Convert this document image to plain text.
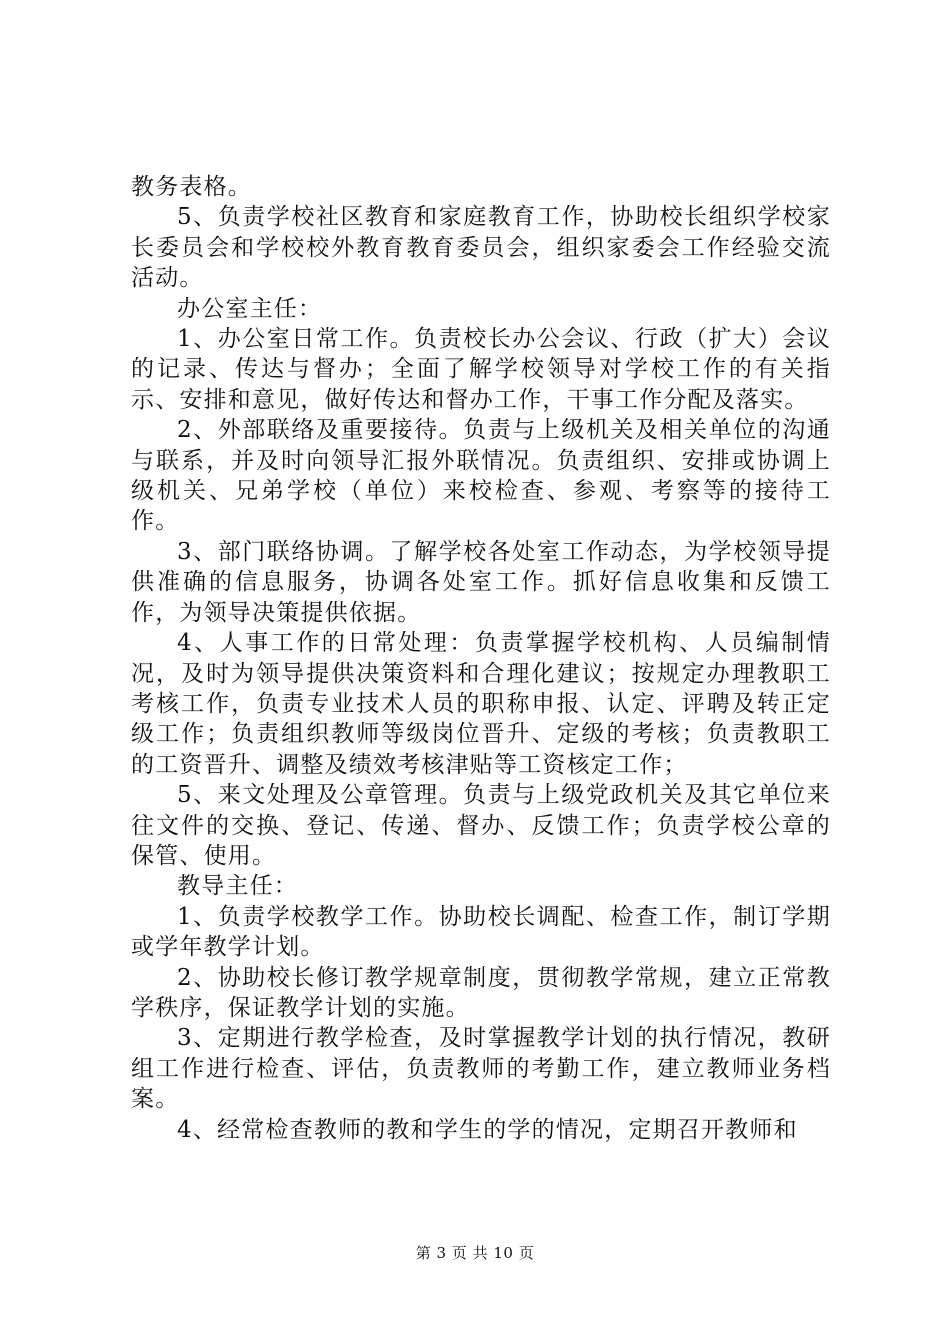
教务表格。

5、负责学校社区教育和家庭教育工作，协助校长组织学校家长委员会和学校校外教育教育委员会，组织家委会工作经验交流活动。

办公室主任：

1、办公室日常工作。负责校长办公会议、行政（扩大）会议的记录、传达与督办；全面了解学校领导对学校工作的有关指示、安排和意见，做好传达和督办工作，干事工作分配及落实。

2、外部联络及重要接待。负责与上级机关及相关单位的沟通与联系，并及时向领导汇报外联情况。负责组织、安排或协调上级机关、兄弟学校（单位）来校检查、参观、考察等的接待工作。

3、部门联络协调。了解学校各处室工作动态，为学校领导提供准确的信息服务，协调各处室工作。抓好信息收集和反馈工作，为领导决策提供依据。

4、人事工作的日常处理：负责掌握学校机构、人员编制情况，及时为领导提供决策资料和合理化建议；按规定办理教职工考核工作，负责专业技术人员的职称申报、认定、评聘及转正定级工作；负责组织教师等级岗位晋升、定级的考核；负责教职工的工资晋升、调整及绩效考核津贴等工资核定工作；

5、来文处理及公章管理。负责与上级党政机关及其它单位来往文件的交换、登记、传递、督办、反馈工作；负责学校公章的保管、使用。

教导主任：

1、负责学校教学工作。协助校长调配、检查工作，制订学期或学年教学计划。

2、协助校长修订教学规章制度，贯彻教学常规，建立正常教学秩序，保证教学计划的实施。

3、定期进行教学检查，及时掌握教学计划的执行情况，教研组工作进行检查、评估，负责教师的考勤工作，建立教师业务档案。

4、经常检查教师的教和学生的学的情况，定期召开教师和

第 3 页 共 10 页
